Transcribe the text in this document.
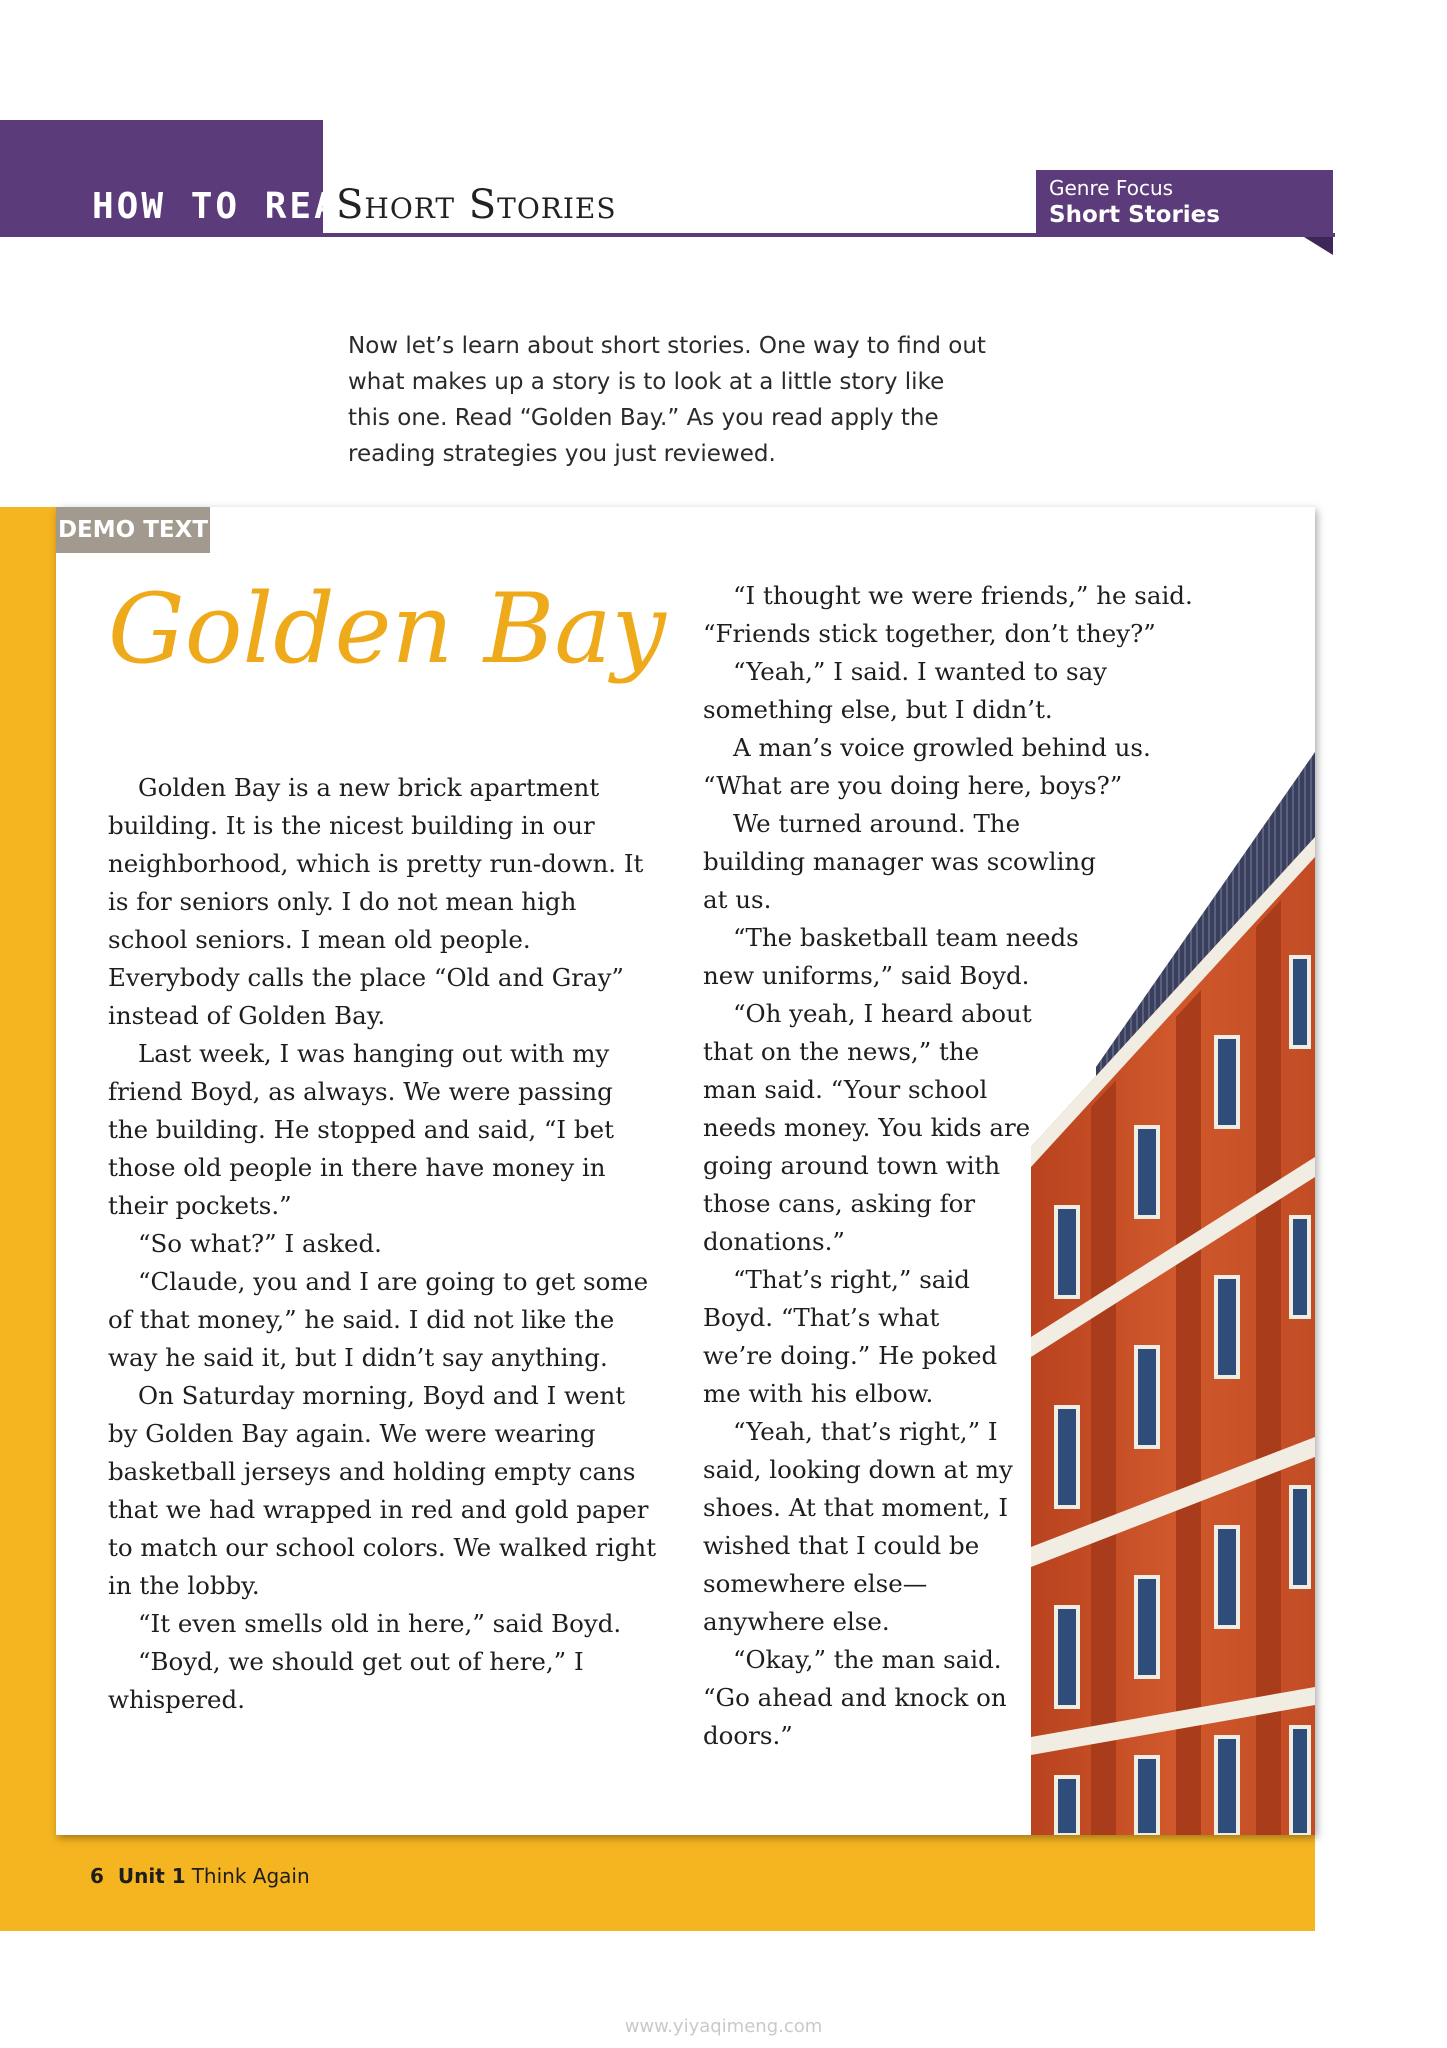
HOW TO READ
Short Stories	Genre Focus
Short Stories
Now let’s learn about short stories. One way to find out what makes up a story is to look at a little story like this one. Read “Golden Bay.” As you read apply the reading strategies you just reviewed.
DEMO TEXT
Golden Bay

Golden Bay is a new brick apartment building. It is the nicest building in our neighborhood, which is pretty run-down. It is for seniors only. I do not mean high school seniors. I mean old people. Everybody calls the place “Old and Gray” instead of Golden Bay.

Last week, I was hanging out with my friend Boyd, as always. We were passing the building. He stopped and said, “I bet those old people in there have money in their pockets.”

“So what?” I asked.

“Claude, you and I are going to get some of that money,” he said. I did not like the way he said it, but I didn’t say anything.

On Saturday morning, Boyd and I went by Golden Bay again. We were wearing basketball jerseys and holding empty cans that we had wrapped in red and gold paper to match our school colors. We walked right in the lobby.

“It even smells old in here,” said Boyd.

“Boyd, we should get out of here,” I whispered.

“I thought we were friends,” he said. “Friends stick together, don’t they?”

“Yeah,” I said. I wanted to say something else, but I didn’t.

A man’s voice growled behind us. “What are you doing here, boys?”

We turned around. The building manager was scowling at us.

“The basketball team needs new uniforms,” said Boyd.

“Oh yeah, I heard about that on the news,” the man said. “Your school needs money. You kids are going around town with those cans, asking for donations.”

“That’s right,” said Boyd. “That’s what we’re doing.” He poked me with his elbow.

“Yeah, that’s right,” I said, looking down at my shoes. At that moment, I wished that I could be somewhere else— anywhere else.

“Okay,” the man said. “Go ahead and knock on doors.”

6 Unit 1 Think Again
www.yiyaqimeng.com
